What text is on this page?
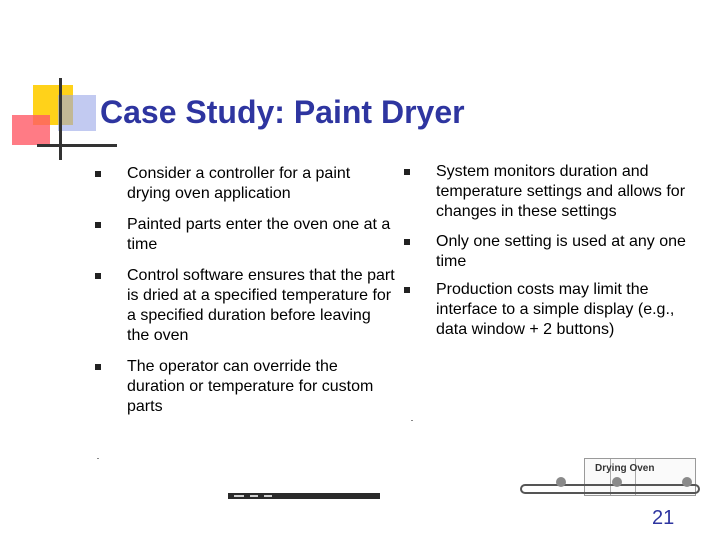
Case Study: Paint Dryer
Consider a controller for a paint drying oven application
Painted parts enter the oven one at a time
Control software ensures that the part is dried at a specified temperature for a specified duration before leaving the oven
The operator can override the duration or temperature for custom parts
System monitors duration and temperature settings and allows for changes in these settings
Only one setting is used at any one time
Production costs may limit the interface to a simple display (e.g., data window + 2 buttons)
Drying Oven
21
